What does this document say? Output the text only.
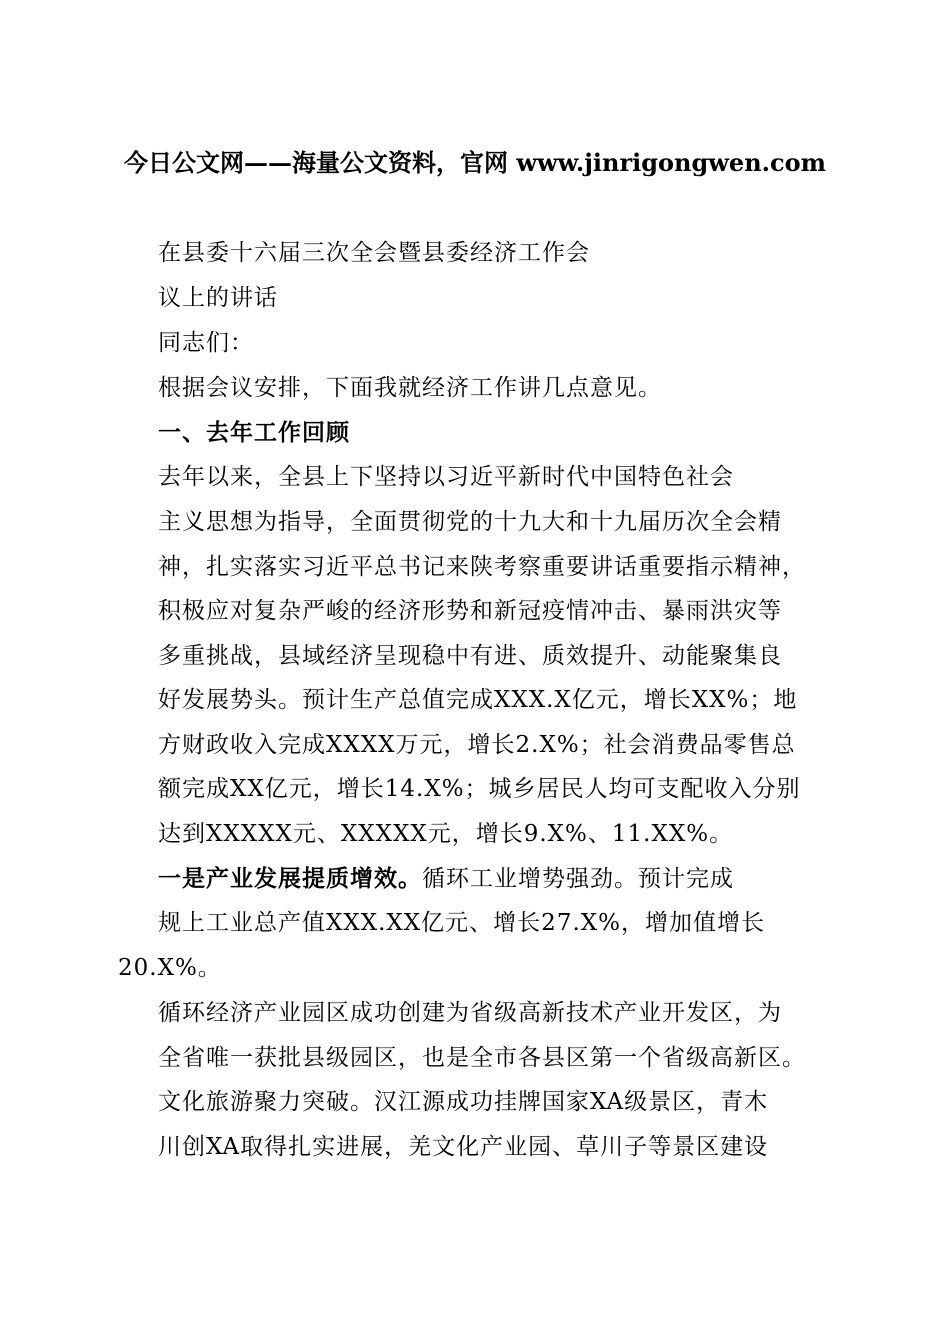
今日公文网——海量公文资料，官网 www.jinrigongwen.com
在县委十六届三次全会暨县委经济工作会
议上的讲话
同志们：
根据会议安排，下面我就经济工作讲几点意见。
一、去年工作回顾
去年以来，全县上下坚持以习近平新时代中国特色社会
主义思想为指导，全面贯彻党的十九大和十九届历次全会精
神，扎实落实习近平总书记来陕考察重要讲话重要指示精神，
积极应对复杂严峻的经济形势和新冠疫情冲击、暴雨洪灾等
多重挑战，县域经济呈现稳中有进、质效提升、动能聚集良
好发展势头。预计生产总值完成XXX.X亿元，增长XX%；地
方财政收入完成XXXX万元，增长2.X%；社会消费品零售总
额完成XX亿元，增长14.X%；城乡居民人均可支配收入分别
达到XXXXX元、XXXXX元，增长9.X%、11.XX%。
一是产业发展提质增效。循环工业增势强劲。预计完成
规上工业总产值XXX.XX亿元、增长27.X%，增加值增长
20.X%。
循环经济产业园区成功创建为省级高新技术产业开发区，为
全省唯一获批县级园区，也是全市各县区第一个省级高新区。
文化旅游聚力突破。汉江源成功挂牌国家XA级景区，青木
川创XA取得扎实进展，羌文化产业园、草川子等景区建设
